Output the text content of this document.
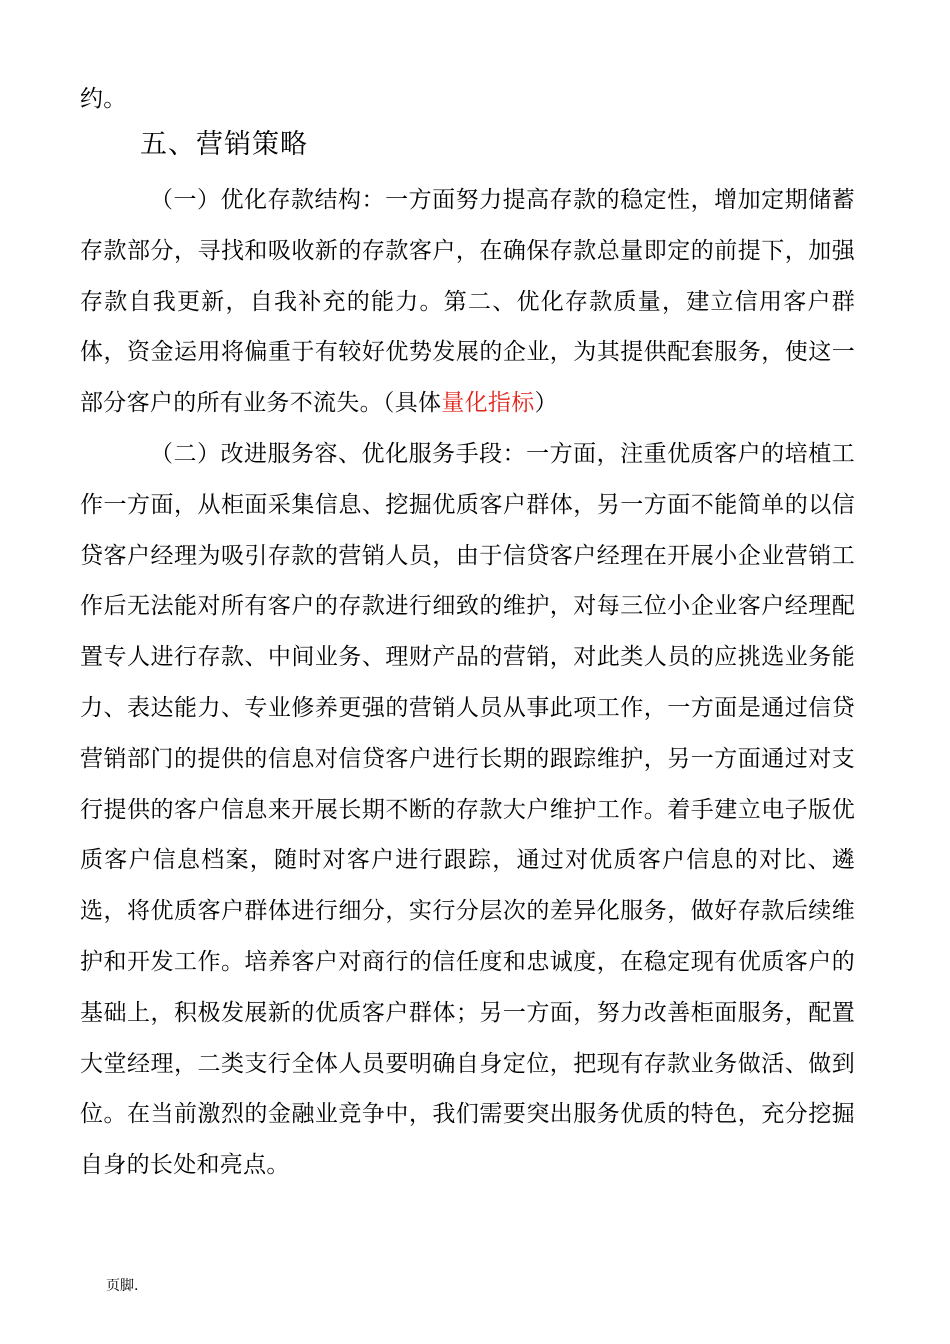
约。

五、营销策略

（一）优化存款结构：一方面努力提高存款的稳定性，增加定期储蓄存款部分，寻找和吸收新的存款客户，在确保存款总量即定的前提下，加强存款自我更新，自我补充的能力。第二、优化存款质量，建立信用客户群体，资金运用将偏重于有较好优势发展的企业，为其提供配套服务，使这一部分客户的所有业务不流失。（具体量化指标）

（二）改进服务容、优化服务手段：一方面，注重优质客户的培植工作一方面，从柜面采集信息、挖掘优质客户群体，另一方面不能简单的以信贷客户经理为吸引存款的营销人员，由于信贷客户经理在开展小企业营销工作后无法能对所有客户的存款进行细致的维护，对每三位小企业客户经理配置专人进行存款、中间业务、理财产品的营销，对此类人员的应挑选业务能力、表达能力、专业修养更强的营销人员从事此项工作，一方面是通过信贷营销部门的提供的信息对信贷客户进行长期的跟踪维护，另一方面通过对支行提供的客户信息来开展长期不断的存款大户维护工作。着手建立电子版优质客户信息档案，随时对客户进行跟踪，通过对优质客户信息的对比、遴选，将优质客户群体进行细分，实行分层次的差异化服务，做好存款后续维护和开发工作。培养客户对商行的信任度和忠诚度，在稳定现有优质客户的基础上，积极发展新的优质客户群体；另一方面，努力改善柜面服务，配置大堂经理，二类支行全体人员要明确自身定位，把现有存款业务做活、做到位。在当前激烈的金融业竞争中，我们需要突出服务优质的特色，充分挖掘自身的长处和亮点。

页脚.
